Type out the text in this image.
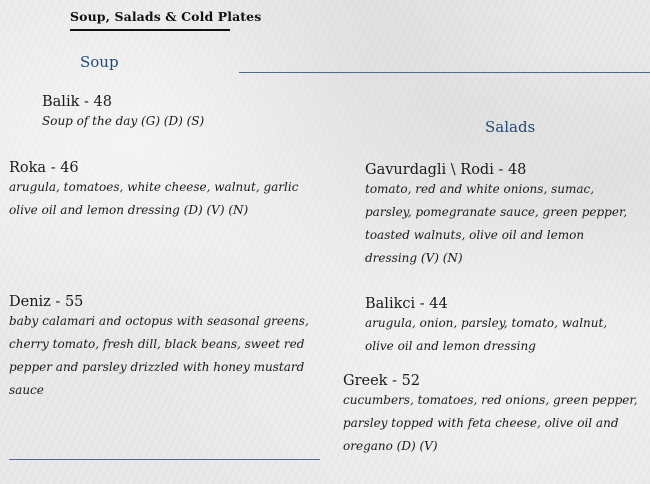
Soup, Salads & Cold Plates
Soup
Balik - 48
Soup of the day (G) (D) (S)
Roka - 46
arugula, tomatoes, white cheese, walnut, garlic olive oil and lemon dressing (D) (V) (N)
Deniz - 55
baby calamari and octopus with seasonal greens, cherry tomato, fresh dill, black beans, sweet red pepper and parsley drizzled with honey mustard sauce
Salads
Gavurdagli \ Rodi - 48
tomato, red and white onions, sumac, parsley, pomegranate sauce, green pepper, toasted walnuts, olive oil and lemon dressing (V) (N)
Balikci - 44
arugula, onion, parsley, tomato, walnut, olive oil and lemon dressing
Greek - 52
cucumbers, tomatoes, red onions, green pepper, parsley topped with feta cheese, olive oil and oregano (D) (V)
